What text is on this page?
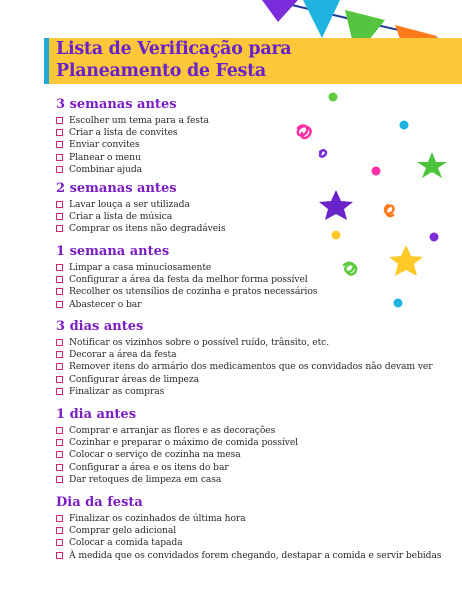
Lista de Verificação para
Planeamento de Festa
3 semanas antes
Escolher um tema para a festa
Criar a lista de convites
Enviar convites
Planear o menu
Combinar ajuda
2 semanas antes
Lavar louça a ser utilizada
Criar a lista de música
Comprar os itens não degradáveis
1 semana antes
Limpar a casa minuciosamente
Configurar a área da festa da melhor forma possível
Recolher os utensílios de cozinha e pratos necessários
Abastecer o bar
3 dias antes
Notificar os vizinhos sobre o possível ruído, trânsito, etc.
Decorar a área da festa
Remover itens do armário dos medicamentos que os convidados não devam ver
Configurar áreas de limpeza
Finalizar as compras
1 dia antes
Comprar e arranjar as flores e as decorações
Cozinhar e preparar o máximo de comida possível
Colocar o serviço de cozinha na mesa
Configurar a área e os itens do bar
Dar retoques de limpeza em casa
Dia da festa
Finalizar os cozinhados de última hora
Comprar gelo adicional
Colocar a comida tapada
À medida que os convidados forem chegando, destapar a comida e servir bebidas
